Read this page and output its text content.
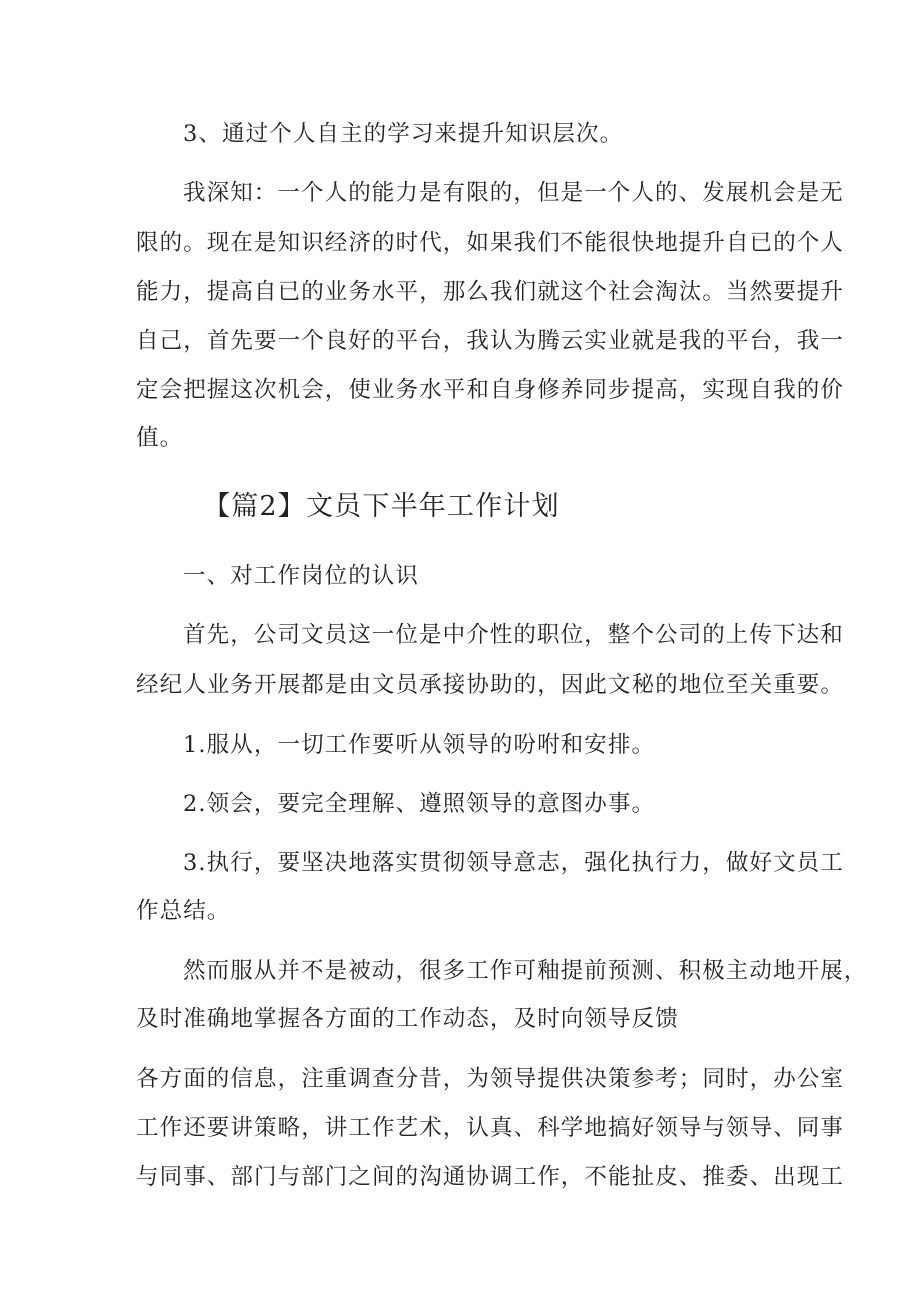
3、通过个人自主的学习来提升知识层次。
我深知：一个人的能力是有限的，但是一个人的、发展机会是无
限的。现在是知识经济的时代，如果我们不能很快地提升自已的个人
能力，提高自已的业务水平，那么我们就这个社会淘汰。当然要提升
自己，首先要一个良好的平台，我认为腾云实业就是我的平台，我一
定会把握这次机会，使业务水平和自身修养同步提高，实现自我的价
值。
【篇2】文员下半年工作计划
一、对工作岗位的认识
首先，公司文员这一位是中介性的职位，整个公司的上传下达和
经纪人业务开展都是由文员承接协助的，因此文秘的地位至关重要。
1.服从，一切工作要听从领导的吩咐和安排。
2.领会，要完全理解、遵照领导的意图办事。
3.执行，要坚决地落实贯彻领导意志，强化执行力，做好文员工
作总结。
然而服从并不是被动，很多工作可釉提前预测、积极主动地开展，
及时准确地掌握各方面的工作动态，及时向领导反馈
各方面的信息，注重调查分昔，为领导提供决策参考；同时，办公室
工作还要讲策略，讲工作艺术，认真、科学地搞好领导与领导、同事
与同事、部门与部门之间的沟通协调工作，不能扯皮、推委、出现工
